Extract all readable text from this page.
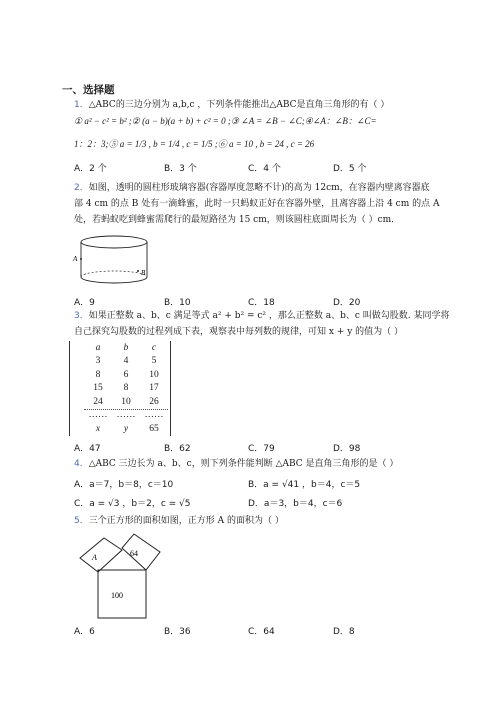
一、选择题
1．△ABC的三边分别为 a,b,c ，下列条件能推出△ABC是直角三角形的有（ ）
① a² − c² = b² ;② (a − b)(a + b) + c² = 0 ;③ ∠A = ∠B − ∠C;④∠A：∠B：∠C=
1：2：3;⑤ a = 1/3 , b = 1/4 , c = 1/5 ;⑥ a = 10 , b = 24 , c = 26
A．2 个	B．3 个	C．4 个	D．5 个
2．如图，透明的圆柱形玻璃容器(容器厚度忽略不计)的高为 12cm，在容器内壁离容器底
部 4 cm 的点 B 处有一滴蜂蜜，此时一只蚂蚁正好在容器外壁，且离容器上沿 4 cm 的点 A
处，若蚂蚁吃到蜂蜜需爬行的最短路径为 15 cm，则该圆柱底面周长为（ ）cm．
A
B
A．9	B．10	C．18	D．20
3．如果正整数 a、b、c 满足等式 a² + b² = c² ，那么正整数 a、b、c 叫做勾股数. 某同学将
自己探究勾股数的过程列成下表，观察表中每列数的规律，可知 x + y 的值为（ ）
a	b	c
3	4	5
8	6	10
15	8	17
24	10	26
……	……	……
x	y	65
A．47	B．62	C．79	D．98
4．△ABC 三边长为 a、b、c，则下列条件能判断 △ABC 是直角三角形的是（ ）
A．a＝7，b＝8，c＝10	B．a = √41 ，b＝4，c＝5
C．a = √3 ，b＝2，c = √5	D．a＝3，b＝4，c＝6
5．三个正方形的面积如图，正方形 A 的面积为（ ）
100
64
A
A．6	B．36	C．64	D．8
